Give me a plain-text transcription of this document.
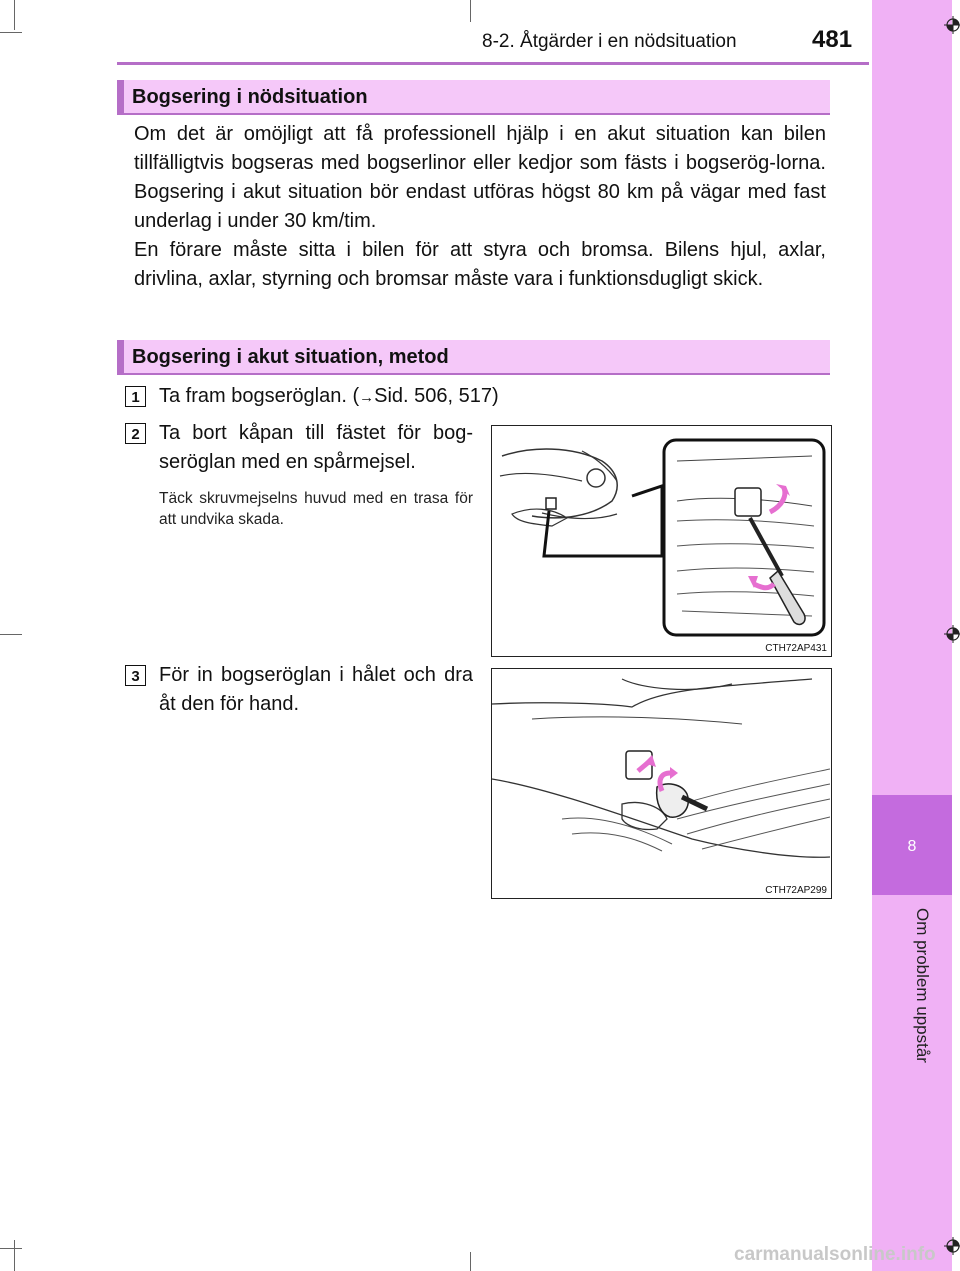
8-2. Åtgärder i en nödsituation	481
8
Om problem uppstår
Bogsering i nödsituation
Om det är omöjligt att få professionell hjälp i en akut situation kan bilen tillfälligtvis bogseras med bogserlinor eller kedjor som fästs i bogserög-lorna. Bogsering i akut situation bör endast utföras högst 80 km på vägar med fast underlag i under 30 km/tim.
En förare måste sitta i bilen för att styra och bromsa. Bilens hjul, axlar, drivlina, axlar, styrning och bromsar måste vara i funktionsdugligt skick.
Bogsering i akut situation, metod
1 Ta fram bogseröglan. (→Sid. 506, 517)
2 Ta bort kåpan till fästet för bog-seröglan med en spårmejsel.
Täck skruvmejselns huvud med en trasa för att undvika skada.
CTH72AP431
3 För in bogseröglan i hålet och dra åt den för hand.
CTH72AP299
carmanualsonline.info
